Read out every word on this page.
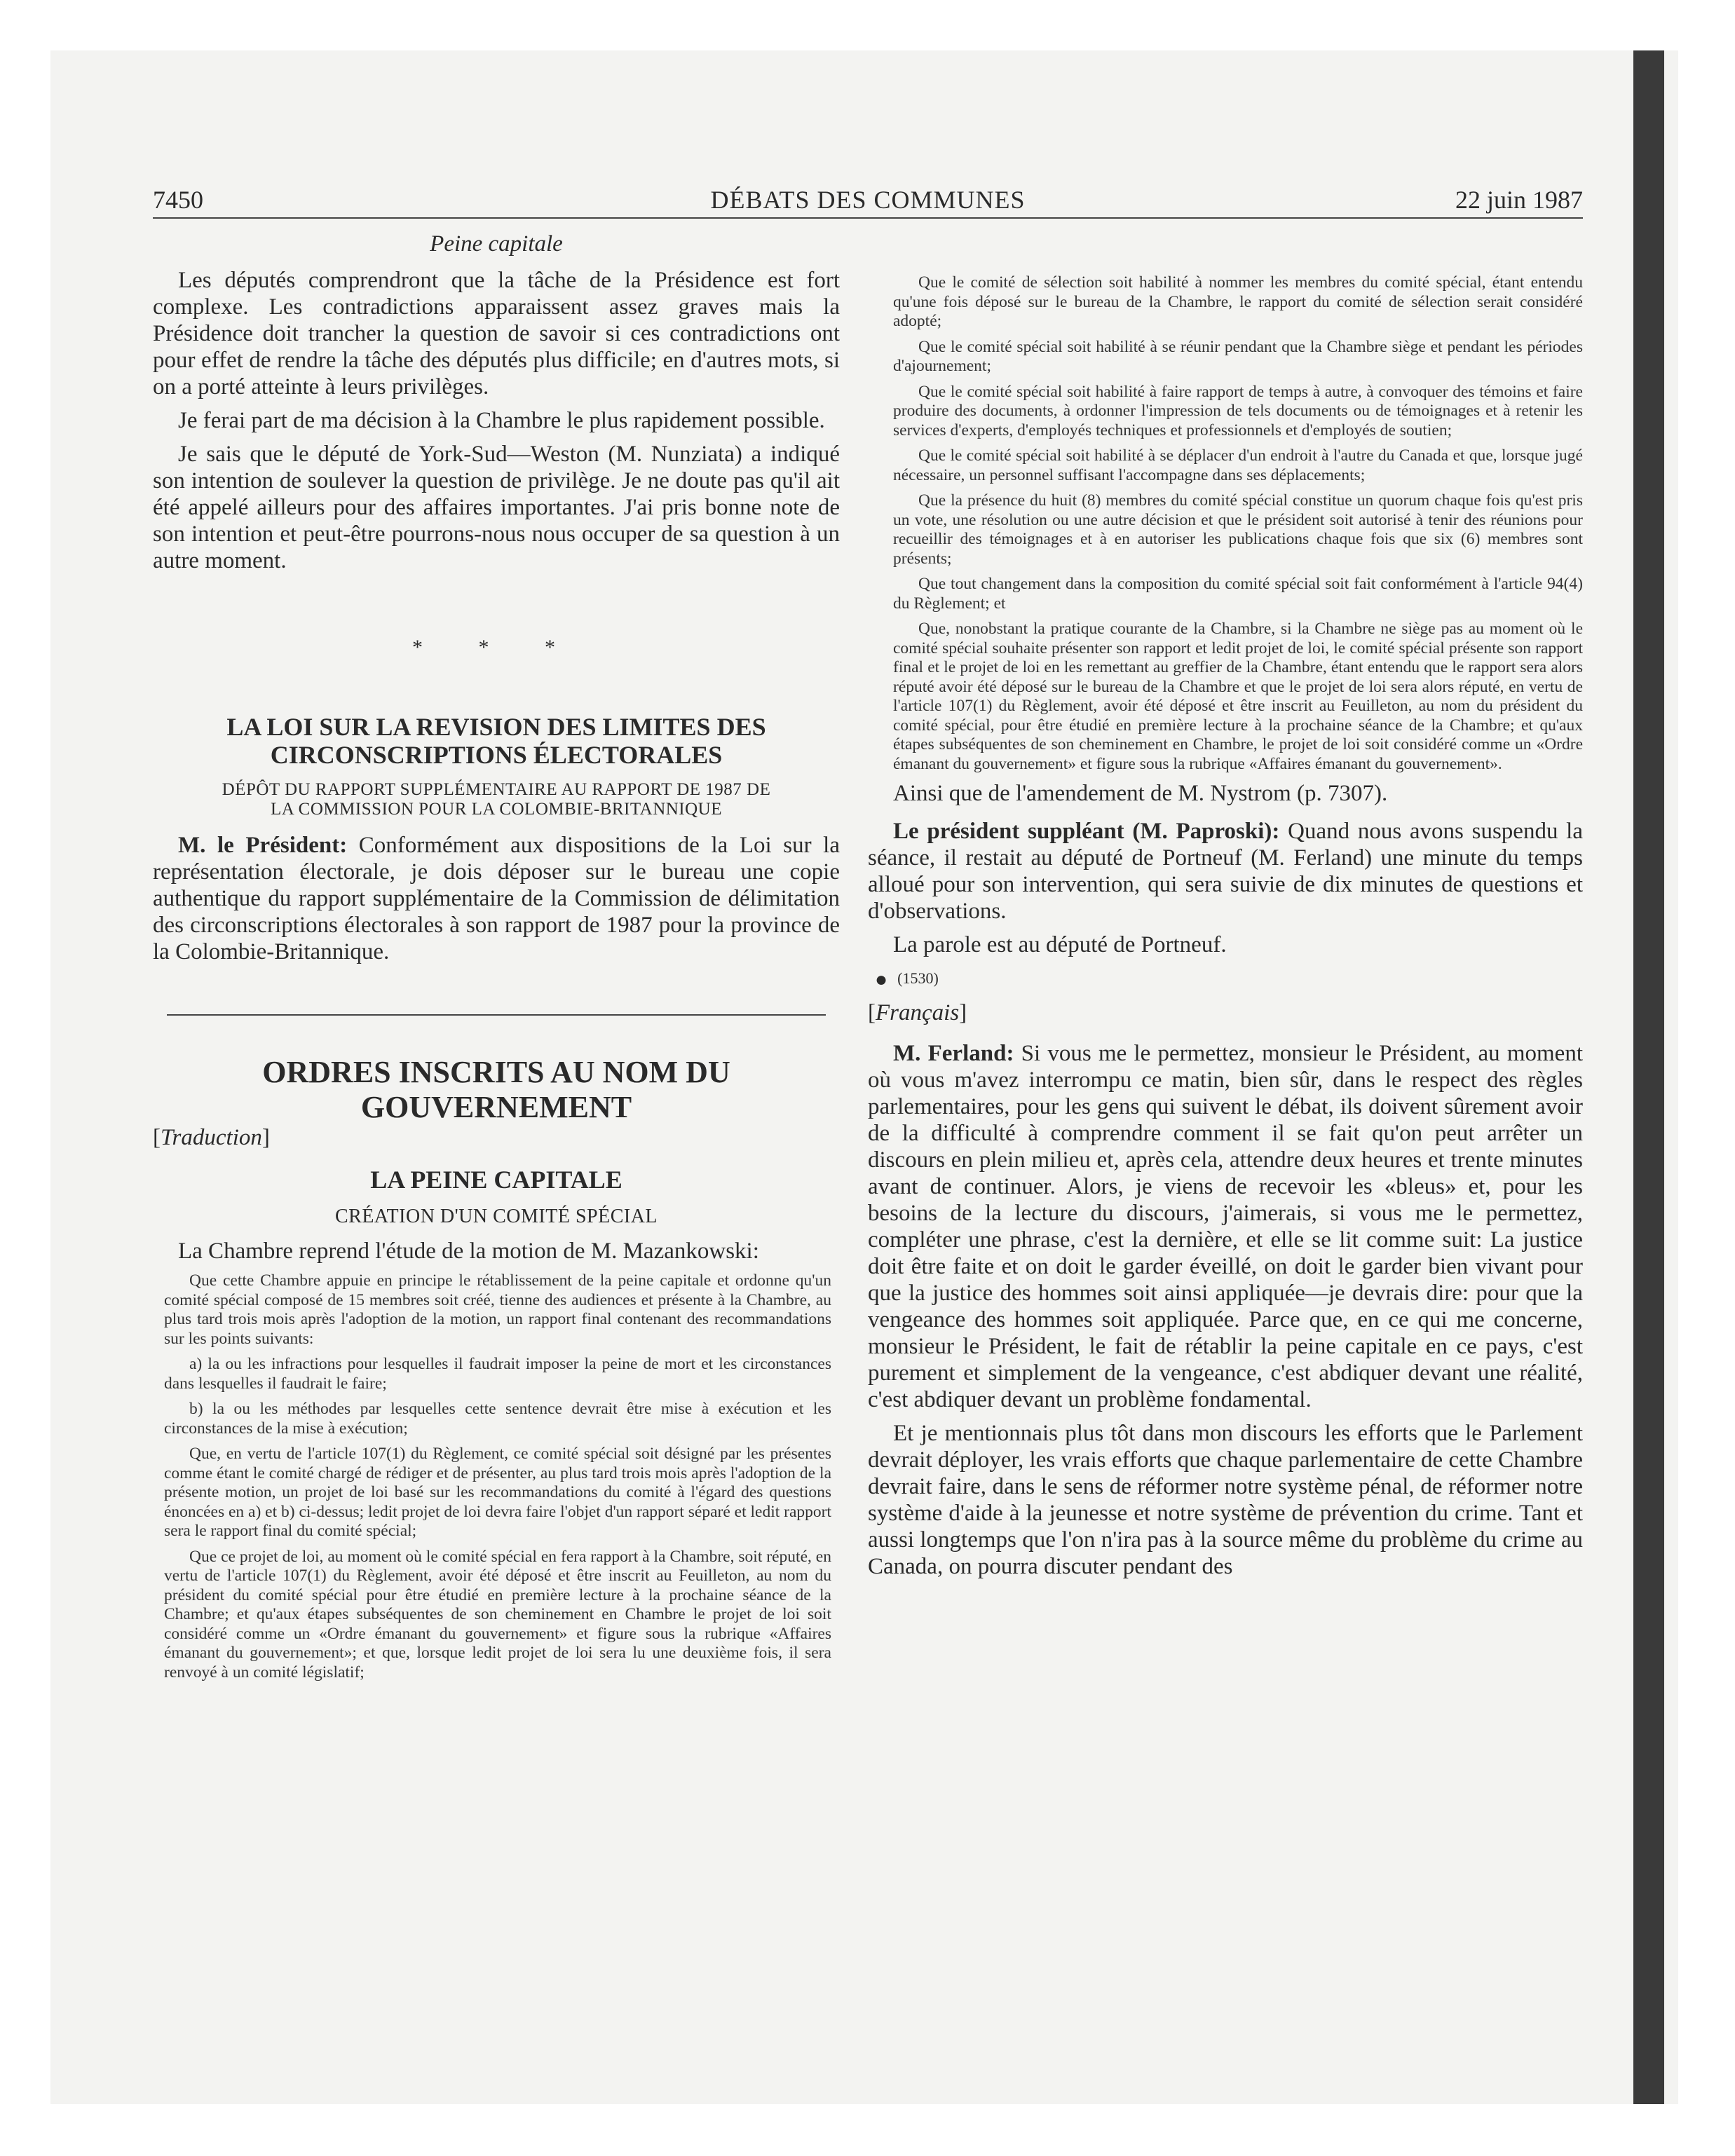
7450	DÉBATS DES COMMUNES	22 juin 1987
Peine capitale

Les députés comprendront que la tâche de la Présidence est fort complexe. Les contradictions apparaissent assez graves mais la Présidence doit trancher la question de savoir si ces contradictions ont pour effet de rendre la tâche des députés plus difficile; en d'autres mots, si on a porté atteinte à leurs privilèges.

Je ferai part de ma décision à la Chambre le plus rapidement possible.

Je sais que le député de York-Sud—Weston (M. Nunziata) a indiqué son intention de soulever la question de privilège. Je ne doute pas qu'il ait été appelé ailleurs pour des affaires importantes. J'ai pris bonne note de son intention et peut-être pourrons-nous nous occuper de sa question à un autre moment.

* * *
LA LOI SUR LA REVISION DES LIMITES DES
CIRCONSCRIPTIONS ÉLECTORALES
DÉPÔT DU RAPPORT SUPPLÉMENTAIRE AU RAPPORT DE 1987 DE
LA COMMISSION POUR LA COLOMBIE-BRITANNIQUE

M. le Président: Conformément aux dispositions de la Loi sur la représentation électorale, je dois déposer sur le bureau une copie authentique du rapport supplémentaire de la Commission de délimitation des circonscriptions électorales à son rapport de 1987 pour la province de la Colombie-Britannique.

ORDRES INSCRITS AU NOM DU
GOUVERNEMENT
[Traduction]
LA PEINE CAPITALE
CRÉATION D'UN COMITÉ SPÉCIAL

La Chambre reprend l'étude de la motion de M. Mazankowski:

Que cette Chambre appuie en principe le rétablissement de la peine capitale et ordonne qu'un comité spécial composé de 15 membres soit créé, tienne des audiences et présente à la Chambre, au plus tard trois mois après l'adoption de la motion, un rapport final contenant des recommandations sur les points suivants:

a) la ou les infractions pour lesquelles il faudrait imposer la peine de mort et les circonstances dans lesquelles il faudrait le faire;

b) la ou les méthodes par lesquelles cette sentence devrait être mise à exécution et les circonstances de la mise à exécution;

Que, en vertu de l'article 107(1) du Règlement, ce comité spécial soit désigné par les présentes comme étant le comité chargé de rédiger et de présenter, au plus tard trois mois après l'adoption de la présente motion, un projet de loi basé sur les recommandations du comité à l'égard des questions énoncées en a) et b) ci-dessus; ledit projet de loi devra faire l'objet d'un rapport séparé et ledit rapport sera le rapport final du comité spécial;

Que ce projet de loi, au moment où le comité spécial en fera rapport à la Chambre, soit réputé, en vertu de l'article 107(1) du Règlement, avoir été déposé et être inscrit au Feuilleton, au nom du président du comité spécial pour être étudié en première lecture à la prochaine séance de la Chambre; et qu'aux étapes subséquentes de son cheminement en Chambre le projet de loi soit considéré comme un «Ordre émanant du gouvernement» et figure sous la rubrique «Affaires émanant du gouvernement»; et que, lorsque ledit projet de loi sera lu une deuxième fois, il sera renvoyé à un comité législatif;

Que le comité de sélection soit habilité à nommer les membres du comité spécial, étant entendu qu'une fois déposé sur le bureau de la Chambre, le rapport du comité de sélection serait considéré adopté;

Que le comité spécial soit habilité à se réunir pendant que la Chambre siège et pendant les périodes d'ajournement;

Que le comité spécial soit habilité à faire rapport de temps à autre, à convoquer des témoins et faire produire des documents, à ordonner l'impression de tels documents ou de témoignages et à retenir les services d'experts, d'employés techniques et professionnels et d'employés de soutien;

Que le comité spécial soit habilité à se déplacer d'un endroit à l'autre du Canada et que, lorsque jugé nécessaire, un personnel suffisant l'accompagne dans ses déplacements;

Que la présence du huit (8) membres du comité spécial constitue un quorum chaque fois qu'est pris un vote, une résolution ou une autre décision et que le président soit autorisé à tenir des réunions pour recueillir des témoignages et à en autoriser les publications chaque fois que six (6) membres sont présents;

Que tout changement dans la composition du comité spécial soit fait conformément à l'article 94(4) du Règlement; et

Que, nonobstant la pratique courante de la Chambre, si la Chambre ne siège pas au moment où le comité spécial souhaite présenter son rapport et ledit projet de loi, le comité spécial présente son rapport final et le projet de loi en les remettant au greffier de la Chambre, étant entendu que le rapport sera alors réputé avoir été déposé sur le bureau de la Chambre et que le projet de loi sera alors réputé, en vertu de l'article 107(1) du Règlement, avoir été déposé et être inscrit au Feuilleton, au nom du président du comité spécial, pour être étudié en première lecture à la prochaine séance de la Chambre; et qu'aux étapes subséquentes de son cheminement en Chambre, le projet de loi soit considéré comme un «Ordre émanant du gouvernement» et figure sous la rubrique «Affaires émanant du gouvernement».

Ainsi que de l'amendement de M. Nystrom (p. 7307).

Le président suppléant (M. Paproski): Quand nous avons suspendu la séance, il restait au député de Portneuf (M. Ferland) une minute du temps alloué pour son intervention, qui sera suivie de dix minutes de questions et d'observations.

La parole est au député de Portneuf.

● (1530)
[Français]

M. Ferland: Si vous me le permettez, monsieur le Président, au moment où vous m'avez interrompu ce matin, bien sûr, dans le respect des règles parlementaires, pour les gens qui suivent le débat, ils doivent sûrement avoir de la difficulté à comprendre comment il se fait qu'on peut arrêter un discours en plein milieu et, après cela, attendre deux heures et trente minutes avant de continuer. Alors, je viens de recevoir les «bleus» et, pour les besoins de la lecture du discours, j'aimerais, si vous me le permettez, compléter une phrase, c'est la dernière, et elle se lit comme suit: La justice doit être faite et on doit le garder éveillé, on doit le garder bien vivant pour que la justice des hommes soit ainsi appliquée—je devrais dire: pour que la vengeance des hommes soit appliquée. Parce que, en ce qui me concerne, monsieur le Président, le fait de rétablir la peine capitale en ce pays, c'est purement et simplement de la vengeance, c'est abdiquer devant une réalité, c'est abdiquer devant un problème fondamental.

Et je mentionnais plus tôt dans mon discours les efforts que le Parlement devrait déployer, les vrais efforts que chaque parlementaire de cette Chambre devrait faire, dans le sens de réformer notre système pénal, de réformer notre système d'aide à la jeunesse et notre système de prévention du crime. Tant et aussi longtemps que l'on n'ira pas à la source même du problème du crime au Canada, on pourra discuter pendant des
